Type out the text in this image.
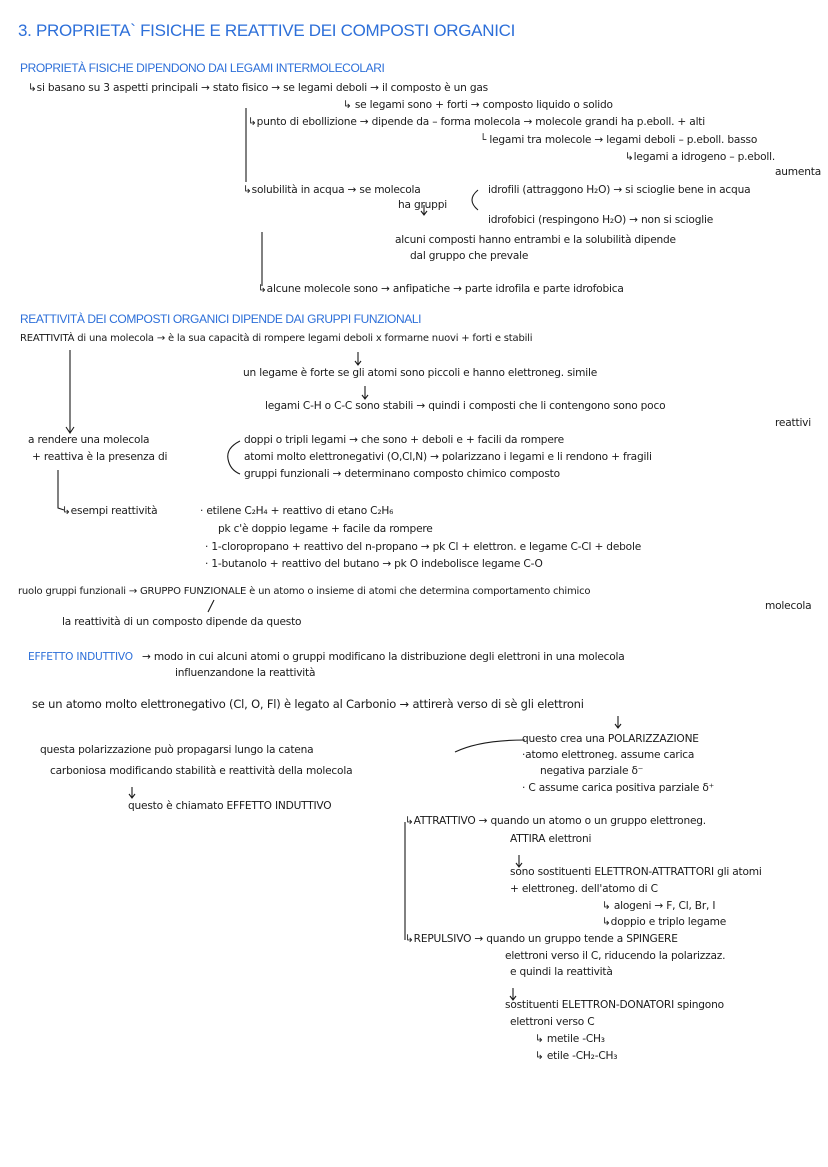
3. PROPRIETA` FISICHE E REATTIVE DEI COMPOSTI ORGANICI
PROPRIETÀ FISICHE DIPENDONO DAI LEGAMI INTERMOLECOLARI
↳si basano su 3 aspetti principali → stato fisico → se legami deboli → il composto è un gas
↳ se legami sono + forti → composto liquido o solido
↳punto di ebollizione → dipende da – forma molecola → molecole grandi ha p.eboll. + alti
└ legami tra molecole → legami deboli – p.eboll. basso
↳legami a idrogeno – p.eboll.
aumenta
↳solubilità in acqua → se molecola
ha gruppi
idrofili (attraggono H₂O) → si scioglie bene in acqua
idrofobici (respingono H₂O) → non si scioglie
alcuni composti hanno entrambi e la solubilità dipende
dal gruppo che prevale
↳alcune molecole sono → anfipatiche → parte idrofila e parte idrofobica
REATTIVITÀ DEI COMPOSTI ORGANICI DIPENDE DAI GRUPPI FUNZIONALI
REATTIVITÀ di una molecola → è la sua capacità di rompere legami deboli x formarne nuovi + forti e stabili
un legame è forte se gli atomi sono piccoli e hanno elettroneg. simile
legami C-H o C-C sono stabili → quindi i composti che li contengono sono poco
reattivi
a rendere una molecola
+ reattiva è la presenza di
doppi o tripli legami → che sono + deboli e + facili da rompere
atomi molto elettronegativi (O,Cl,N) → polarizzano i legami e li rendono + fragili
gruppi funzionali → determinano composto chimico composto
↳esempi reattività	· etilene C₂H₄ + reattivo di etano C₂H₆
pk c'è doppio legame + facile da rompere
· 1-cloropropano + reattivo del n-propano → pk Cl + elettron. e legame C-Cl + debole
· 1-butanolo + reattivo del butano → pk O indebolisce legame C-O
ruolo gruppi funzionali → GRUPPO FUNZIONALE è un atomo o insieme di atomi che determina comportamento chimico
molecola
la reattività di un composto dipende da questo
EFFETTO INDUTTIVO → modo in cui alcuni atomi o gruppi modificano la distribuzione degli elettroni in una molecola
influenzandone la reattività
se un atomo molto elettronegativo (Cl, O, Fl) è legato al Carbonio → attirerà verso di sè gli elettroni
questo crea una POLARIZZAZIONE
·atomo elettroneg. assume carica
negativa parziale δ⁻
· C assume carica positiva parziale δ⁺
questa polarizzazione può propagarsi lungo la catena
carboniosa modificando stabilità e reattività della molecola
questo è chiamato EFFETTO INDUTTIVO
↳ATTRATTIVO → quando un atomo o un gruppo elettroneg.
ATTIRA elettroni
sono sostituenti ELETTRON-ATTRATTORI gli atomi
+ elettroneg. dell'atomo di C
↳ alogeni → F, Cl, Br, I
↳doppio e triplo legame
↳REPULSIVO → quando un gruppo tende a SPINGERE
elettroni verso il C, riducendo la polarizzaz.
e quindi la reattività
sostituenti ELETTRON-DONATORI spingono
elettroni verso C
↳ metile -CH₃
↳ etile -CH₂-CH₃
